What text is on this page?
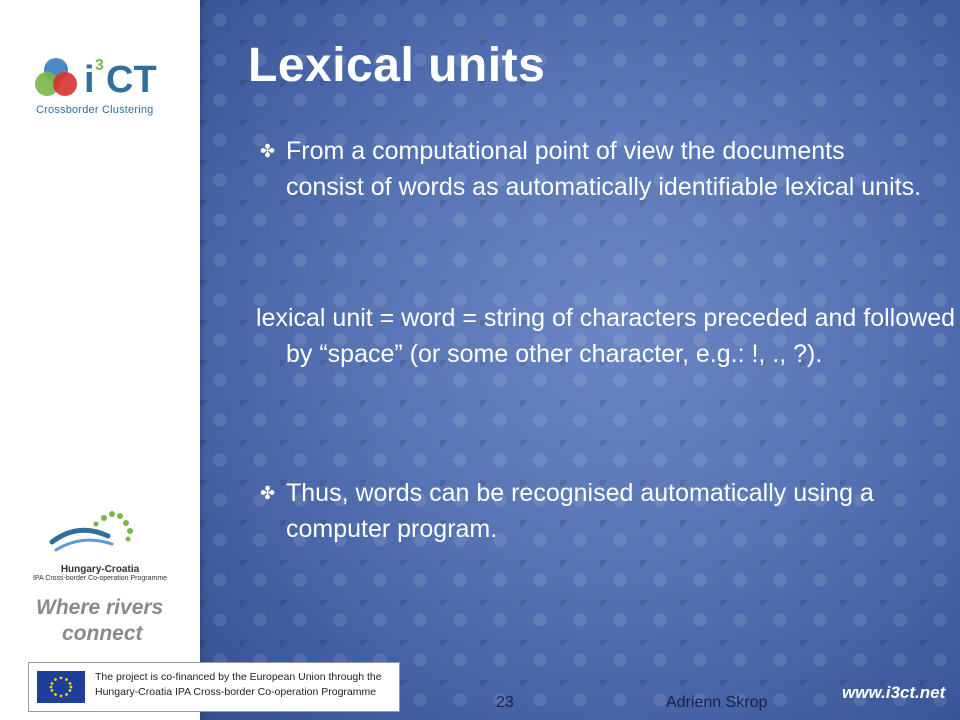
i 3 CT
Crossborder Clustering
Hungary-Croatia
IPA Cross-border Co-operation Programme
Where rivers
connect
Lexical units
✤ From a computational point of view the documents consist of words as automatically identifiable lexical units.

lexical unit = word = string of characters preceded and followed by “space” (or some other character, e.g.: !, ., ?).

✤ Thus, words can be recognised automatically using a computer program.

23	Adrienn Skrop
www.i3ct.net
The project is co-financed by the European Union through the
Hungary-Croatia IPA Cross-border Co-operation Programme
